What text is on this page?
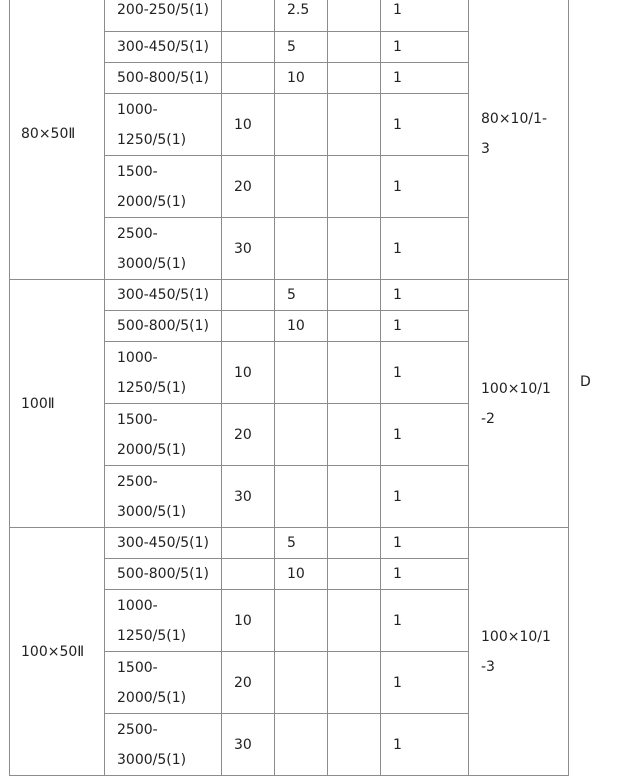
80×50Ⅱ	200-250/5(1)		2.5		1	80×10/1-3	D

	300-450/5(1)		5		1		

	500-800/5(1)		10		1		

	1000-1250/5(1)	10			1		

	1500-2000/5(1)	20			1		

	2500-3000/5(1)	30			1		
100Ⅱ	300-450/5(1)		5		1	100×10/1-2	

	500-800/5(1)		10		1		

	1000-1250/5(1)	10			1		

	1500-2000/5(1)	20			1		

	2500-3000/5(1)	30			1		
100×50Ⅱ	300-450/5(1)		5		1	100×10/1-3	

	500-800/5(1)		10		1		

	1000-1250/5(1)	10			1		

	1500-2000/5(1)	20			1		

	2500-3000/5(1)	30			1		
